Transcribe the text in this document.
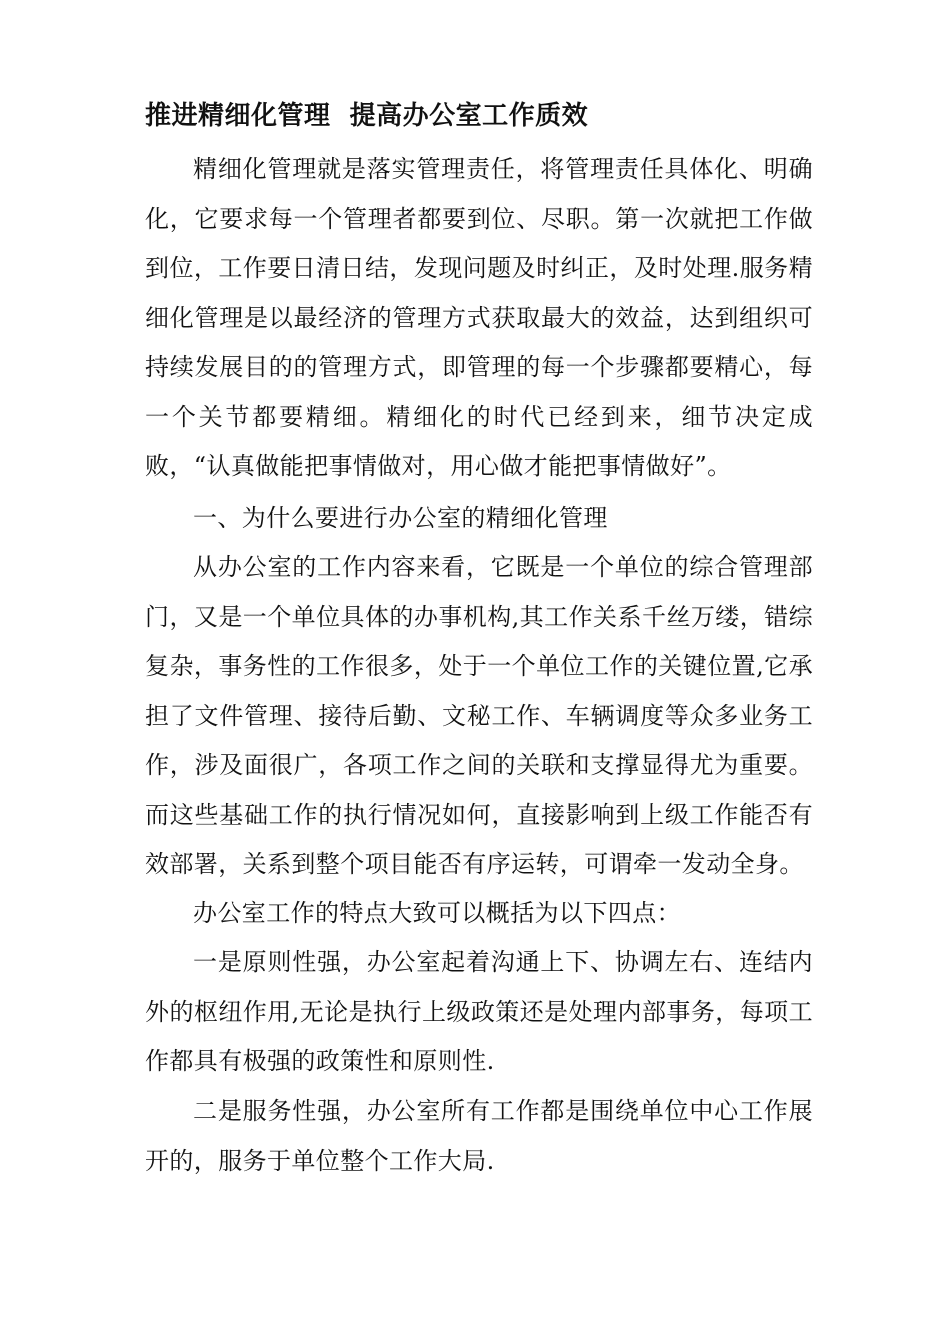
推进精细化管理  提高办公室工作质效

精细化管理就是落实管理责任，将管理责任具体化、明确化，它要求每一个管理者都要到位、尽职。第一次就把工作做到位，工作要日清日结，发现问题及时纠正，及时处理.服务精细化管理是以最经济的管理方式获取最大的效益，达到组织可持续发展目的的管理方式，即管理的每一个步骤都要精心，每一个关节都要精细。精细化的时代已经到来，细节决定成败，“认真做能把事情做对，用心做才能把事情做好”。

一、为什么要进行办公室的精细化管理

从办公室的工作内容来看，它既是一个单位的综合管理部门，又是一个单位具体的办事机构,其工作关系千丝万缕，错综复杂，事务性的工作很多，处于一个单位工作的关键位置,它承担了文件管理、接待后勤、文秘工作、车辆调度等众多业务工作，涉及面很广，各项工作之间的关联和支撑显得尤为重要。而这些基础工作的执行情况如何，直接影响到上级工作能否有效部署，关系到整个项目能否有序运转，可谓牵一发动全身。

办公室工作的特点大致可以概括为以下四点：

一是原则性强，办公室起着沟通上下、协调左右、连结内外的枢纽作用,无论是执行上级政策还是处理内部事务，每项工作都具有极强的政策性和原则性.

二是服务性强，办公室所有工作都是围绕单位中心工作展开的，服务于单位整个工作大局.
